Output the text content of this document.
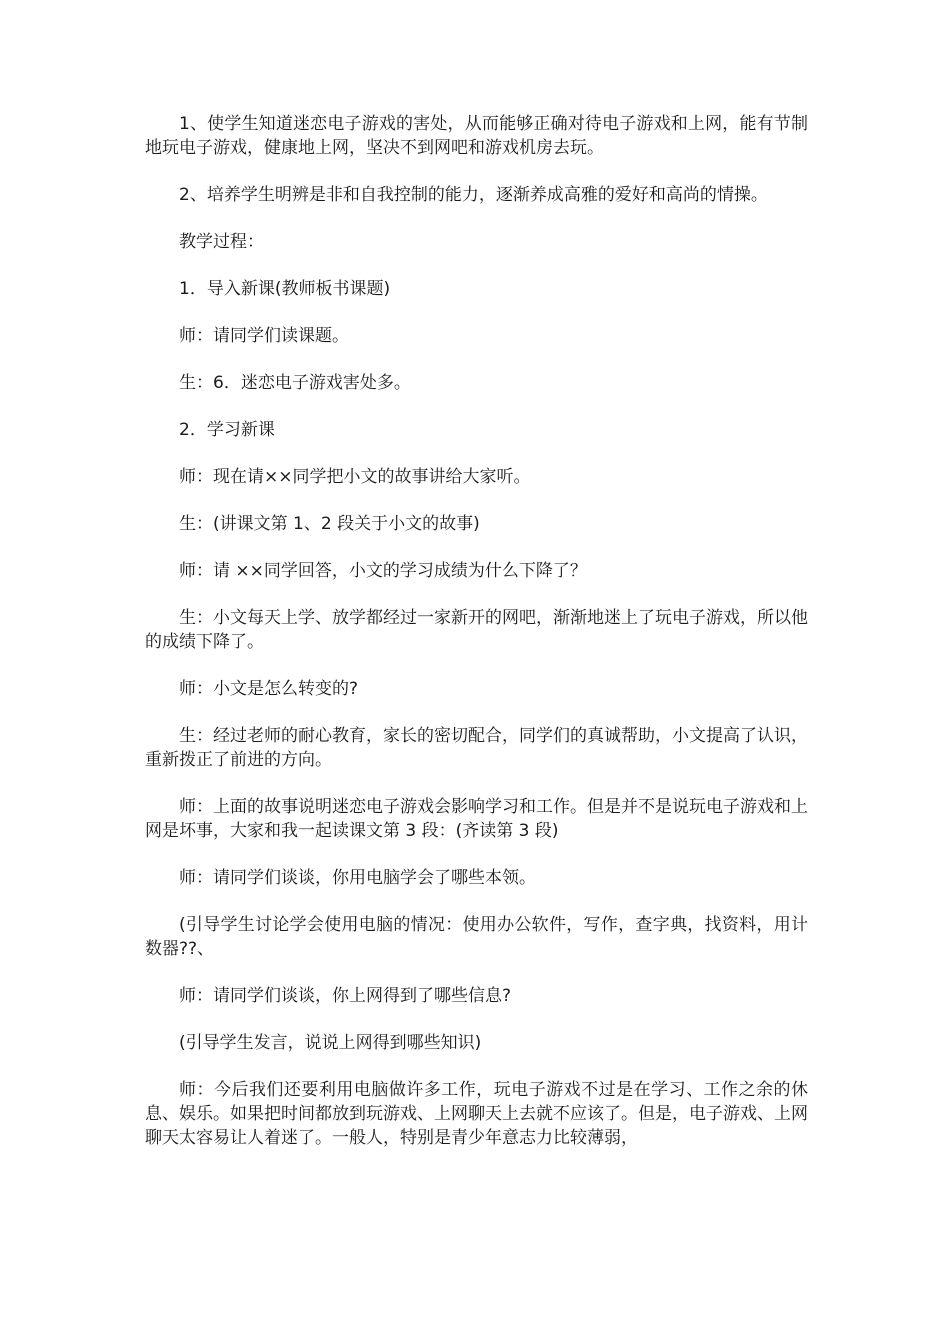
1、使学生知道迷恋电子游戏的害处，从而能够正确对待电子游戏和上网，能有节制地玩电子游戏，健康地上网，坚决不到网吧和游戏机房去玩。

2、培养学生明辨是非和自我控制的能力，逐渐养成高雅的爱好和高尚的情操。

教学过程：

1．导入新课(教师板书课题)

师：请同学们读课题。

生：6．迷恋电子游戏害处多。

2．学习新课

师：现在请××同学把小文的故事讲给大家听。

生：(讲课文第 1、2 段关于小文的故事)

师：请 ××同学回答，小文的学习成绩为什么下降了？

生：小文每天上学、放学都经过一家新开的网吧，渐渐地迷上了玩电子游戏，所以他的成绩下降了。

师：小文是怎么转变的?

生：经过老师的耐心教育，家长的密切配合，同学们的真诚帮助，小文提高了认识，重新拨正了前进的方向。

师：上面的故事说明迷恋电子游戏会影响学习和工作。但是并不是说玩电子游戏和上网是坏事，大家和我一起读课文第 3 段：(齐读第 3 段)

师：请同学们谈谈，你用电脑学会了哪些本领。

(引导学生讨论学会使用电脑的情况：使用办公软件，写作，查字典，找资料，用计数器??、

师：请同学们谈谈，你上网得到了哪些信息?

(引导学生发言，说说上网得到哪些知识)

师：今后我们还要利用电脑做许多工作，玩电子游戏不过是在学习、工作之余的休息、娱乐。如果把时间都放到玩游戏、上网聊天上去就不应该了。但是，电子游戏、上网聊天太容易让人着迷了。一般人，特别是青少年意志力比较薄弱，
